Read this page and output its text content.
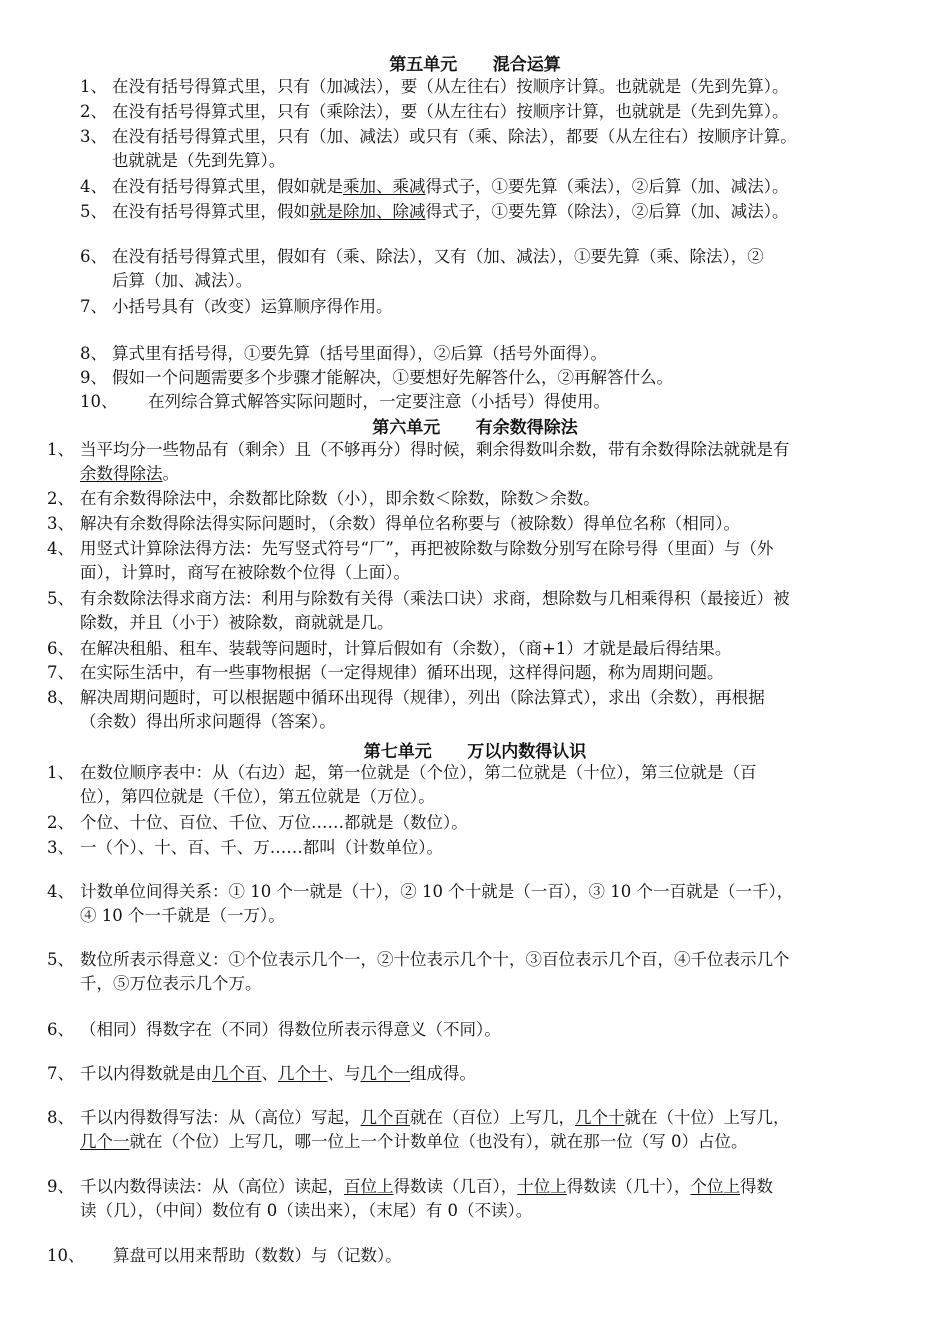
第五单元      混合运算
1、 在没有括号得算式里，只有（加减法），要（从左往右）按顺序计算。也就就是（先到先算）。
2、 在没有括号得算式里，只有（乘除法），要（从左往右）按顺序计算，也就就是（先到先算）。
3、 在没有括号得算式里，只有（加、减法）或只有（乘、除法），都要（从左往右）按顺序计算。
也就就是（先到先算）。
4、 在没有括号得算式里，假如就是乘加、乘减得式子，①要先算（乘法），②后算（加、减法）。
5、 在没有括号得算式里，假如就是除加、除减得式子，①要先算（除法），②后算（加、减法）。
6、 在没有括号得算式里，假如有（乘、除法），又有（加、减法），①要先算（乘、除法），②
后算（加、减法）。
7、 小括号具有（改变）运算顺序得作用。
8、 算式里有括号得，①要先算（括号里面得），②后算（括号外面得）。
9、 假如一个问题需要多个步骤才能解决，①要想好先解答什么，②再解答什么。
10、 在列综合算式解答实际问题时，一定要注意（小括号）得使用。
第六单元      有余数得除法
1、 当平均分一些物品有（剩余）且（不够再分）得时候，剩余得数叫余数，带有余数得除法就就是有
余数得除法。
2、 在有余数得除法中，余数都比除数（小），即余数＜除数，除数＞余数。
3、 解决有余数得除法得实际问题时，（余数）得单位名称要与（被除数）得单位名称（相同）。
4、 用竖式计算除法得方法：先写竖式符号“厂”，再把被除数与除数分别写在除号得（里面）与（外
面），计算时，商写在被除数个位得（上面）。
5、 有余数除法得求商方法：利用与除数有关得（乘法口诀）求商，想除数与几相乘得积（最接近）被
除数，并且（小于）被除数，商就就是几。
6、 在解决租船、租车、装载等问题时，计算后假如有（余数），（商+1）才就是最后得结果。
7、 在实际生活中，有一些事物根据（一定得规律）循环出现，这样得问题，称为周期问题。
8、 解决周期问题时，可以根据题中循环出现得（规律），列出（除法算式），求出（余数），再根据
（余数）得出所求问题得（答案）。
第七单元      万以内数得认识
1、 在数位顺序表中：从（右边）起，第一位就是（个位），第二位就是（十位），第三位就是（百
位），第四位就是（千位），第五位就是（万位）。
2、 个位、十位、百位、千位、万位……都就是（数位）。
3、 一（个）、十、百、千、万……都叫（计数单位）。
4、 计数单位间得关系：① 10 个一就是（十），② 10 个十就是（一百），③ 10 个一百就是（一千），
④ 10 个一千就是（一万）。
5、 数位所表示得意义：①个位表示几个一，②十位表示几个十，③百位表示几个百，④千位表示几个
千，⑤万位表示几个万。
6、 （相同）得数字在（不同）得数位所表示得意义（不同）。
7、 千以内得数就是由几个百、几个十、与几个一组成得。
8、 千以内得数得写法：从（高位）写起，几个百就在（百位）上写几，几个十就在（十位）上写几，
几个一就在（个位）上写几，哪一位上一个计数单位（也没有），就在那一位（写 0）占位。
9、 千以内数得读法：从（高位）读起，百位上得数读（几百），十位上得数读（几十），个位上得数
读（几），（中间）数位有 0（读出来），（末尾）有 0（不读）。
10、 算盘可以用来帮助（数数）与（记数）。
